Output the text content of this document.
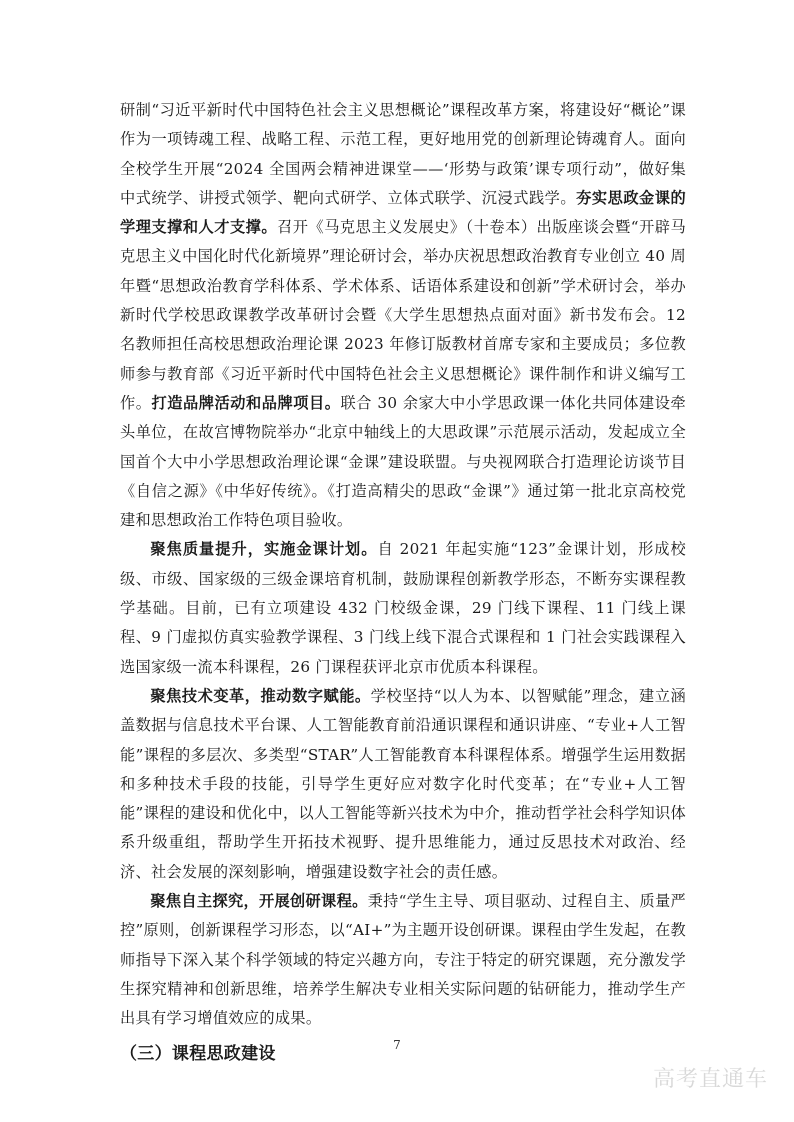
研制“习近平新时代中国特色社会主义思想概论”课程改革方案，将建设好“概论”课作为一项铸魂工程、战略工程、示范工程，更好地用党的创新理论铸魂育人。面向全校学生开展“2024 全国两会精神进课堂——‘形势与政策’课专项行动”，做好集中式统学、讲授式领学、靶向式研学、立体式联学、沉浸式践学。夯实思政金课的学理支撑和人才支撑。召开《马克思主义发展史》（十卷本）出版座谈会暨“开辟马克思主义中国化时代化新境界”理论研讨会，举办庆祝思想政治教育专业创立 40 周年暨“思想政治教育学科体系、学术体系、话语体系建设和创新”学术研讨会，举办新时代学校思政课教学改革研讨会暨《大学生思想热点面对面》新书发布会。12 名教师担任高校思想政治理论课 2023 年修订版教材首席专家和主要成员；多位教师参与教育部《习近平新时代中国特色社会主义思想概论》课件制作和讲义编写工作。打造品牌活动和品牌项目。联合 30 余家大中小学思政课一体化共同体建设牵头单位，在故宫博物院举办“北京中轴线上的大思政课”示范展示活动，发起成立全国首个大中小学思想政治理论课“金课”建设联盟。与央视网联合打造理论访谈节目《自信之源》《中华好传统》。《打造高精尖的思政“金课”》通过第一批北京高校党建和思想政治工作特色项目验收。

聚焦质量提升，实施金课计划。自 2021 年起实施“123”金课计划，形成校级、市级、国家级的三级金课培育机制，鼓励课程创新教学形态，不断夯实课程教学基础。目前，已有立项建设 432 门校级金课，29 门线下课程、11 门线上课程、9 门虚拟仿真实验教学课程、3 门线上线下混合式课程和 1 门社会实践课程入选国家级一流本科课程，26 门课程获评北京市优质本科课程。

聚焦技术变革，推动数字赋能。学校坚持“以人为本、以智赋能”理念，建立涵盖数据与信息技术平台课、人工智能教育前沿通识课程和通识讲座、“专业+人工智能”课程的多层次、多类型“STAR”人工智能教育本科课程体系。增强学生运用数据和多种技术手段的技能，引导学生更好应对数字化时代变革；在“专业+人工智能”课程的建设和优化中，以人工智能等新兴技术为中介，推动哲学社会科学知识体系升级重组，帮助学生开拓技术视野、提升思维能力，通过反思技术对政治、经济、社会发展的深刻影响，增强建设数字社会的责任感。

聚焦自主探究，开展创研课程。秉持“学生主导、项目驱动、过程自主、质量严控”原则，创新课程学习形态，以“AI+”为主题开设创研课。课程由学生发起，在教师指导下深入某个科学领域的特定兴趣方向，专注于特定的研究课题，充分激发学生探究精神和创新思维，培养学生解决专业相关实际问题的钻研能力，推动学生产出具有学习增值效应的成果。

（三）课程思政建设	7
高考直通车
